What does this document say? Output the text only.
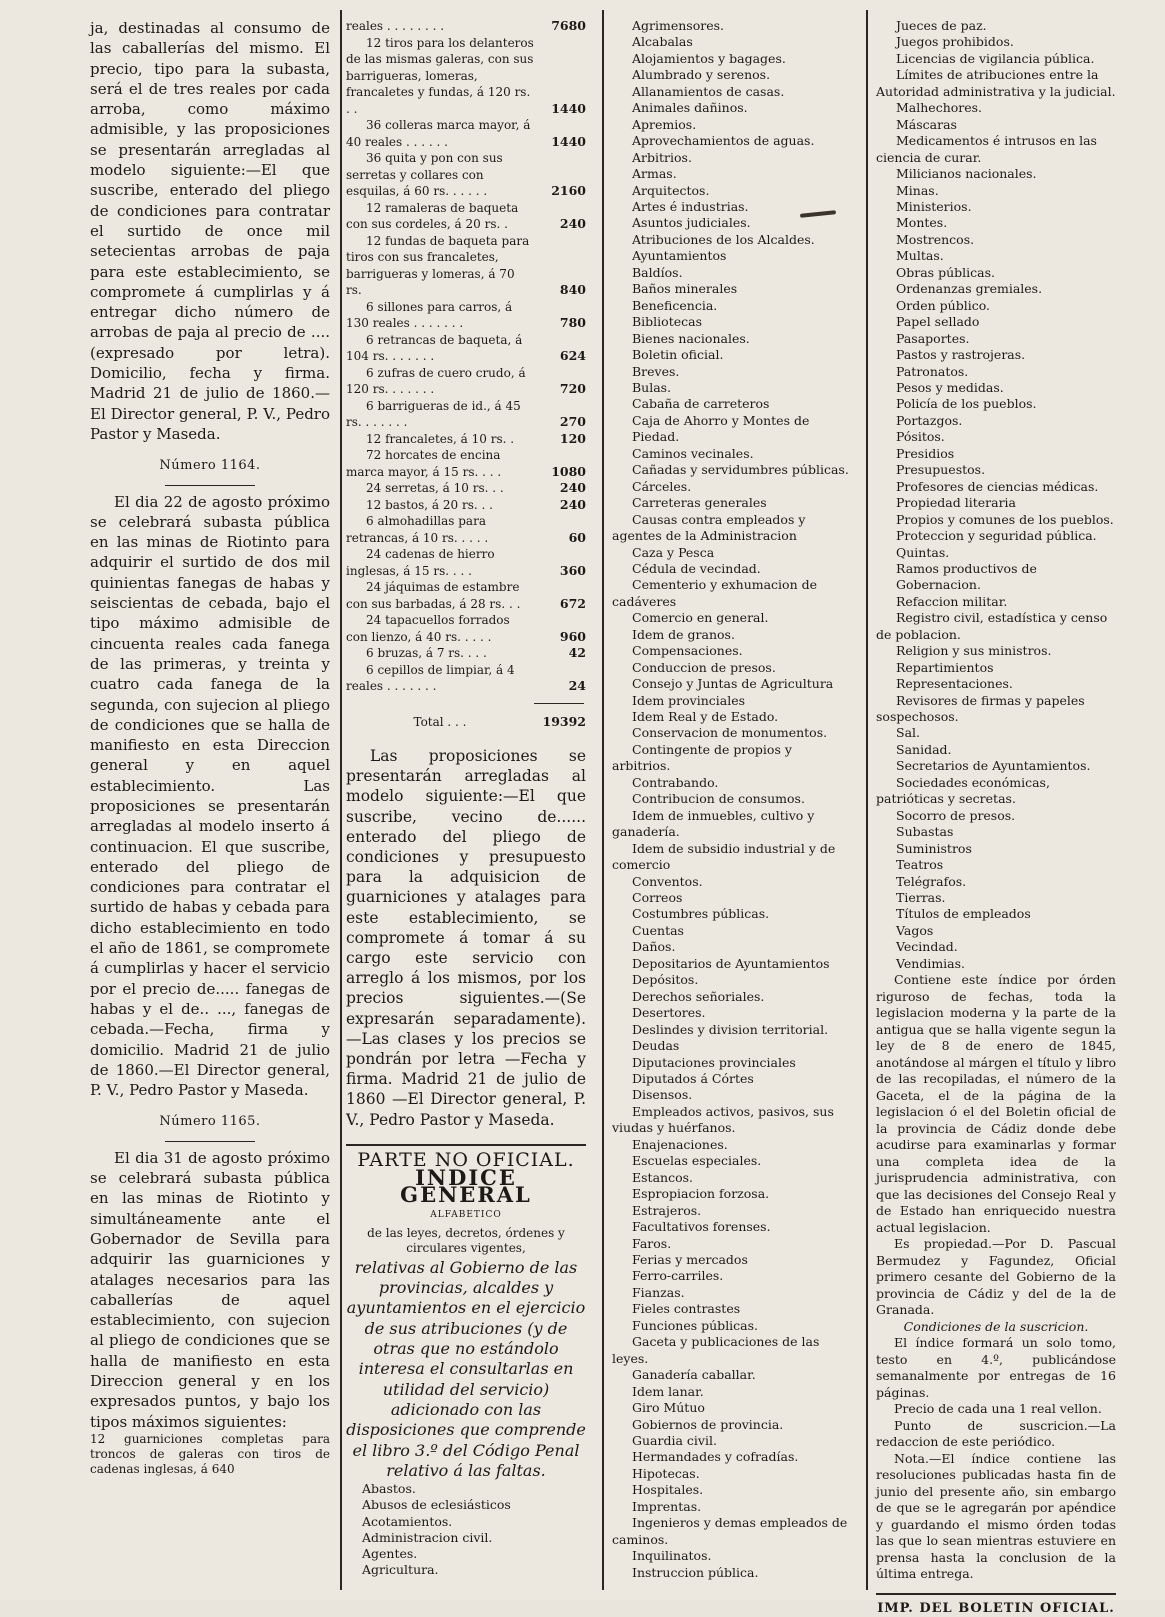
ja, destinadas al consumo de las caballerías del mismo. El precio, tipo para la subasta, será el de tres reales por cada arroba, como máximo admisible, y las proposiciones se presentarán arregladas al modelo siguiente:—El que suscribe, enterado del pliego de condiciones para contratar el surtido de once mil setecientas arrobas de paja para este establecimiento, se compromete á cumplirlas y á entregar dicho número de arrobas de paja al precio de .... (expresado por letra). Domicilio, fecha y firma. Madrid 21 de julio de 1860.—El Director general, P. V., Pedro Pastor y Maseda.

Número 1164.

El dia 22 de agosto próximo se celebrará subasta pública en las minas de Riotinto para adquirir el surtido de dos mil quinientas fanegas de habas y seiscientas de cebada, bajo el tipo máximo admisible de cincuenta reales cada fanega de las primeras, y treinta y cuatro cada fanega de la segunda, con sujecion al pliego de condiciones que se halla de manifiesto en esta Direccion general y en aquel establecimiento. Las proposiciones se presentarán arregladas al modelo inserto á continuacion. El que suscribe, enterado del pliego de condiciones para contratar el surtido de habas y cebada para dicho establecimiento en todo el año de 1861, se compromete á cumplirlas y hacer el servicio por el precio de..... fanegas de habas y el de.. ..., fanegas de cebada.—Fecha, firma y domicilio. Madrid 21 de julio de 1860.—El Director general, P. V., Pedro Pastor y Maseda.

Número 1165.

El dia 31 de agosto próximo se celebrará subasta pública en las minas de Riotinto y simultáneamente ante el Gobernador de Sevilla para adquirir las guarniciones y atalages necesarios para las caballerías de aquel establecimiento, con sujecion al pliego de condiciones que se halla de manifiesto en esta Direccion general y en los expresados puntos, y bajo los tipos máximos siguientes:

12 guarniciones completas para troncos de galeras con tiros de cadenas inglesas, á 640

reales . . . . . . . .	7680
12 tiros para los delanteros de las mismas galeras, con sus barrigueras, lomeras, francaletes y fundas, á 120 rs. . .	1440
36 colleras marca mayor, á 40 reales . . . . . .	1440
36 quita y pon con sus serretas y collares con esquilas, á 60 rs. . . . . .	2160
12 ramaleras de baqueta con sus cordeles, á 20 rs. .	240
12 fundas de baqueta para tiros con sus francaletes, barrigueras y lomeras, á 70 rs.	840
6 sillones para carros, á 130 reales . . . . . . .	780
6 retrancas de baqueta, á 104 rs. . . . . . .	624
6 zufras de cuero crudo, á 120 rs. . . . . . .	720
6 barrigueras de id., á 45 rs. . . . . . .	270
12 francaletes, á 10 rs. .	120
72 horcates de encina marca mayor, á 15 rs. . . .	1080
24 serretas, á 10 rs. . .	240
12 bastos, á 20 rs. . .	240
6 almohadillas para retrancas, á 10 rs. . . . .	60
24 cadenas de hierro inglesas, á 15 rs. . . .	360
24 jáquimas de estambre con sus barbadas, á 28 rs. . .	672
24 tapacuellos forrados con lienzo, á 40 rs. . . . .	960
6 bruzas, á 7 rs. . . .	42
6 cepillos de limpiar, á 4 reales . . . . . . .	24
Total . . .	19392

Las proposiciones se presentarán arregladas al modelo siguiente:—El que suscribe, vecino de...... enterado del pliego de condiciones y presupuesto para la adquisicion de guarniciones y atalages para este establecimiento, se compromete á tomar á su cargo este servicio con arreglo á los mismos, por los precios siguientes.—(Se expresarán separadamente).—Las clases y los precios se pondrán por letra —Fecha y firma. Madrid 21 de julio de 1860 —El Director general, P. V., Pedro Pastor y Maseda.

PARTE NO OFICIAL.
INDICE GENERAL
ALFABETICO
de las leyes, decretos, órdenes y circulares vigentes,

relativas al Gobierno de las provincias, alcaldes y ayuntamientos en el ejercicio de sus atribuciones (y de otras que no estándolo interesa el consultarlas en utilidad del servicio) adicionado con las disposiciones que comprende el libro 3.º del Código Penal relativo á las faltas.

Abastos.
Abusos de eclesiásticos
Acotamientos.
Administracion civil.
Agentes.
Agricultura.
Agrimensores.
Alcabalas
Alojamientos y bagages.
Alumbrado y serenos.
Allanamientos de casas.
Animales dañinos.
Apremios.
Aprovechamientos de aguas.
Arbitrios.
Armas.
Arquitectos.
Artes é industrias.
Asuntos judiciales.
Atribuciones de los Alcaldes.
Ayuntamientos
Baldíos.
Baños minerales
Beneficencia.
Bibliotecas
Bienes nacionales.
Boletin oficial.
Breves.
Bulas.
Cabaña de carreteros
Caja de Ahorro y Montes de Piedad.
Caminos vecinales.
Cañadas y servidumbres públicas.
Cárceles.
Carreteras generales
Causas contra empleados y agentes de la Administracion
Caza y Pesca
Cédula de vecindad.
Cementerio y exhumacion de cadáveres
Comercio en general.
Idem de granos.
Compensaciones.
Conduccion de presos.
Consejo y Juntas de Agricultura
Idem provinciales
Idem Real y de Estado.
Conservacion de monumentos.
Contingente de propios y arbitrios.
Contrabando.
Contribucion de consumos.
Idem de inmuebles, cultivo y ganadería.
Idem de subsidio industrial y de comercio
Conventos.
Correos
Costumbres públicas.
Cuentas
Daños.
Depositarios de Ayuntamientos
Depósitos.
Derechos señoriales.
Desertores.
Deslindes y division territorial.
Deudas
Diputaciones provinciales
Diputados á Córtes
Disensos.
Empleados activos, pasivos, sus viudas y huérfanos.
Enajenaciones.
Escuelas especiales.
Estancos.
Espropiacion forzosa.
Estrajeros.
Facultativos forenses.
Faros.
Ferias y mercados
Ferro-carriles.
Fianzas.
Fieles contrastes
Funciones públicas.
Gaceta y publicaciones de las leyes.
Ganadería caballar.
Idem lanar.
Giro Mútuo
Gobiernos de provincia.
Guardia civil.
Hermandades y cofradías.
Hipotecas.
Hospitales.
Imprentas.
Ingenieros y demas empleados de caminos.
Inquilinatos.
Instruccion pública.
Jueces de paz.
Juegos prohibidos.
Licencias de vigilancia pública.
Límites de atribuciones entre la Autoridad administrativa y la judicial.
Malhechores.
Máscaras
Medicamentos é intrusos en las ciencia de curar.
Milicianos nacionales.
Minas.
Ministerios.
Montes.
Mostrencos.
Multas.
Obras públicas.
Ordenanzas gremiales.
Orden público.
Papel sellado
Pasaportes.
Pastos y rastrojeras.
Patronatos.
Pesos y medidas.
Policía de los pueblos.
Portazgos.
Pósitos.
Presidios
Presupuestos.
Profesores de ciencias médicas.
Propiedad literaria
Propios y comunes de los pueblos.
Proteccion y seguridad pública.
Quintas.
Ramos productivos de Gobernacion.
Refaccion militar.
Registro civil, estadística y censo de poblacion.
Religion y sus ministros.
Repartimientos
Representaciones.
Revisores de firmas y papeles sospechosos.
Sal.
Sanidad.
Secretarios de Ayuntamientos.
Sociedades económicas, patrióticas y secretas.
Socorro de presos.
Subastas
Suministros
Teatros
Telégrafos.
Tierras.
Títulos de empleados
Vagos
Vecindad.
Vendimias.

Contiene este índice por órden riguroso de fechas, toda la legislacion moderna y la parte de la antigua que se halla vigente segun la ley de 8 de enero de 1845, anotándose al márgen el título y libro de las recopiladas, el número de la Gaceta, el de la página de la legislacion ó el del Boletin oficial de la provincia de Cádiz donde debe acudirse para examinarlas y formar una completa idea de la jurisprudencia administrativa, con que las decisiones del Consejo Real y de Estado han enriquecido nuestra actual legislacion.

Es propiedad.—Por D. Pascual Bermudez y Fagundez, Oficial primero cesante del Gobierno de la provincia de Cádiz y del de la de Granada.

Condiciones de la suscricion.

El índice formará un solo tomo, testo en 4.º, publicándose semanalmente por entregas de 16 páginas.

Precio de cada una 1 real vellon.

Punto de suscricion.—La redaccion de este periódico.

Nota.—El índice contiene las resoluciones publicadas hasta fin de junio del presente año, sin embargo de que se le agregarán por apéndice y guardando el mismo órden todas las que lo sean mientras estuviere en prensa hasta la conclusion de la última entrega.

IMP. DEL BOLETIN OFICIAL.
